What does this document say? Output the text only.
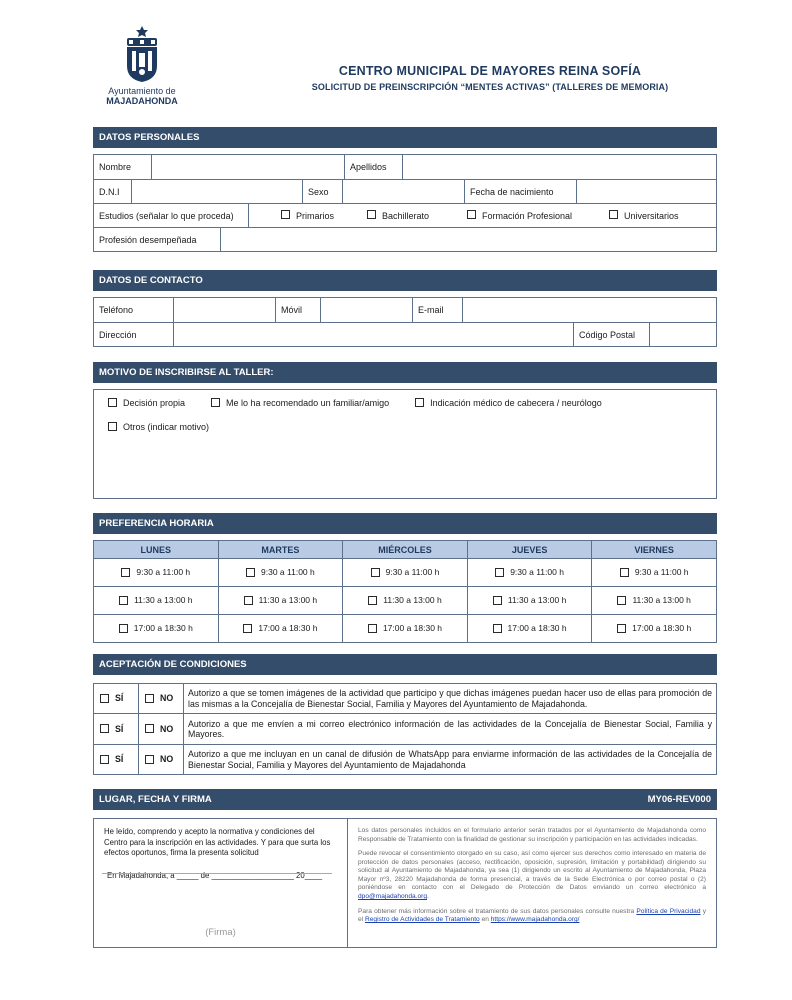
Ayuntamiento de
MAJADAHONDA
CENTRO MUNICIPAL DE MAYORES REINA SOFÍA
SOLICITUD DE PREINSCRIPCIÓN “MENTES ACTIVAS” (TALLERES DE MEMORIA)
DATOS PERSONALES
Nombre	Apellidos
D.N.I	Sexo	Fecha de nacimiento
Estudios (señalar lo que proceda)	Primarios	Bachillerato	Formación Profesional	Universitarios
Profesión desempeñada
DATOS DE CONTACTO
Teléfono	Móvil	E-mail
Dirección	Código Postal
MOTIVO DE INSCRIBIRSE AL TALLER:
Decisión propia	Me lo ha recomendado un familiar/amigo	Indicación médico de cabecera / neurólogo
Otros (indicar motivo)
PREFERENCIA HORARIA
LUNES	MARTES	MIÉRCOLES	JUEVES	VIERNES
9:30 a 11:00 h	9:30 a 11:00 h	9:30 a 11:00 h	9:30 a 11:00 h	9:30 a 11:00 h
11:30 a 13:00 h	11:30 a 13:00 h	11:30 a 13:00 h	11:30 a 13:00 h	11:30 a 13:00 h
17:00 a 18:30 h	17:00 a 18:30 h	17:00 a 18:30 h	17:00 a 18:30 h	17:00 a 18:30 h
ACEPTACIÓN DE CONDICIONES
SÍ	NO	Autorizo a que se tomen imágenes de la actividad que participo y que dichas imágenes puedan hacer uso de ellas para promoción de las mismas a la Concejalía de Bienestar Social, Familia y Mayores del Ayuntamiento de Majadahonda.
SÍ	NO	Autorizo a que me envíen a mi correo electrónico información de las actividades de la Concejalía de Bienestar Social, Familia y Mayores.
SÍ	NO	Autorizo a que me incluyan en un canal de difusión de WhatsApp para enviarme información de las actividades de la Concejalía de Bienestar Social, Familia y Mayores del Ayuntamiento de Majadahonda
LUGAR, FECHA Y FIRMA	MY06-REV000
He leído, comprendo y acepto la normativa y condiciones del Centro para la inscripción en las actividades. Y para que surta los efectos oportunos, firma la presenta solicitud
En Majadahonda, a _____ de ___________________ 20____
(Firma)

Los datos personales incluidos en el formulario anterior serán tratados por el Ayuntamiento de Majadahonda como Responsable de Tratamiento con la finalidad de gestionar su inscripción y participación en las actividades indicadas.

Puede revocar el consentimiento otorgado en su caso, así como ejercer sus derechos como interesado en materia de protección de datos personales (acceso, rectificación, oposición, supresión, limitación y portabilidad) dirigiendo su solicitud al Ayuntamiento de Majadahonda, ya sea (1) dirigiendo un escrito al Ayuntamiento de Majadahonda, Plaza Mayor nº3, 28220 Majadahonda de forma presencial, a través de la Sede Electrónica o por correo postal o (2) poniéndose en contacto con el Delegado de Protección de Datos enviando un correo electrónico a dpo@majadahonda.org.

Para obtener más información sobre el tratamiento de sus datos personales consulte nuestra Política de Privacidad y el Registro de Actividades de Tratamiento en https://www.majadahonda.org/
